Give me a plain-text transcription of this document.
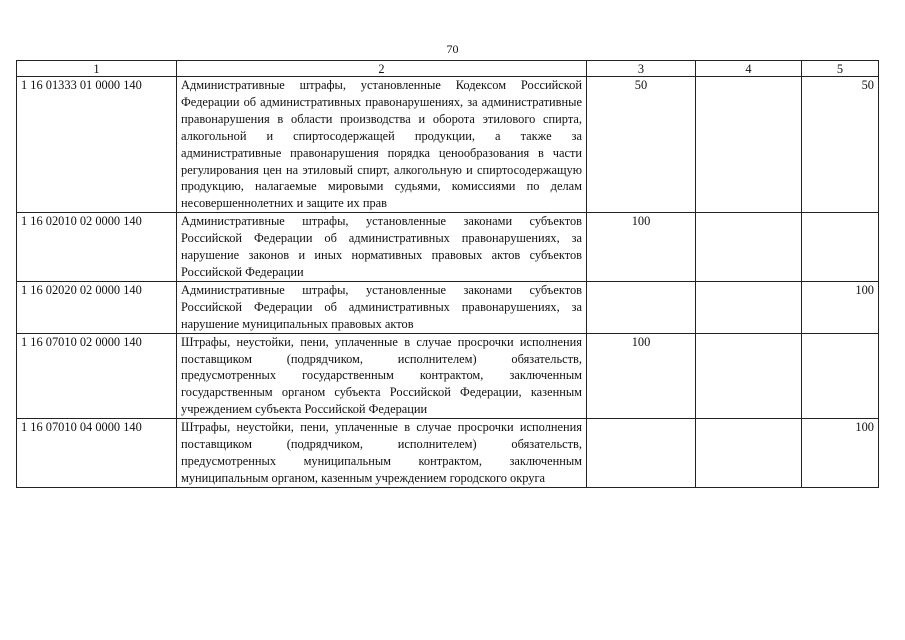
70
1	2	3	4	5
1 16 01333 01 0000 140	Административные штрафы, установленные Кодексом Российской Федерации об административных правонарушениях, за административные правонарушения в области производства и оборота этилового спирта, алкогольной и спиртосодержащей продукции, а также за административные правонарушения порядка ценообразования в части регулирования цен на этиловый спирт, алкогольную и спиртосодержащую продукцию, налагаемые мировыми судьями, комиссиями по делам несовершеннолетних и защите их прав	50		50
1 16 02010 02 0000 140	Административные штрафы, установленные законами субъектов Российской Федерации об административных правонарушениях, за нарушение законов и иных нормативных правовых актов субъектов Российской Федерации	100		
1 16 02020 02 0000 140	Административные штрафы, установленные законами субъектов Российской Федерации об административных правонарушениях, за нарушение муниципальных правовых актов			100
1 16 07010 02 0000 140	Штрафы, неустойки, пени, уплаченные в случае просрочки исполнения поставщиком (подрядчиком, исполнителем) обязательств, предусмотренных государственным контрактом, заключенным государственным органом субъекта Российской Федерации, казенным учреждением субъекта Российской Федерации	100		
1 16 07010 04 0000 140	Штрафы, неустойки, пени, уплаченные в случае просрочки исполнения поставщиком (подрядчиком, исполнителем) обязательств, предусмотренных муниципальным контрактом, заключенным муниципальным органом, казенным учреждением городского округа			100
